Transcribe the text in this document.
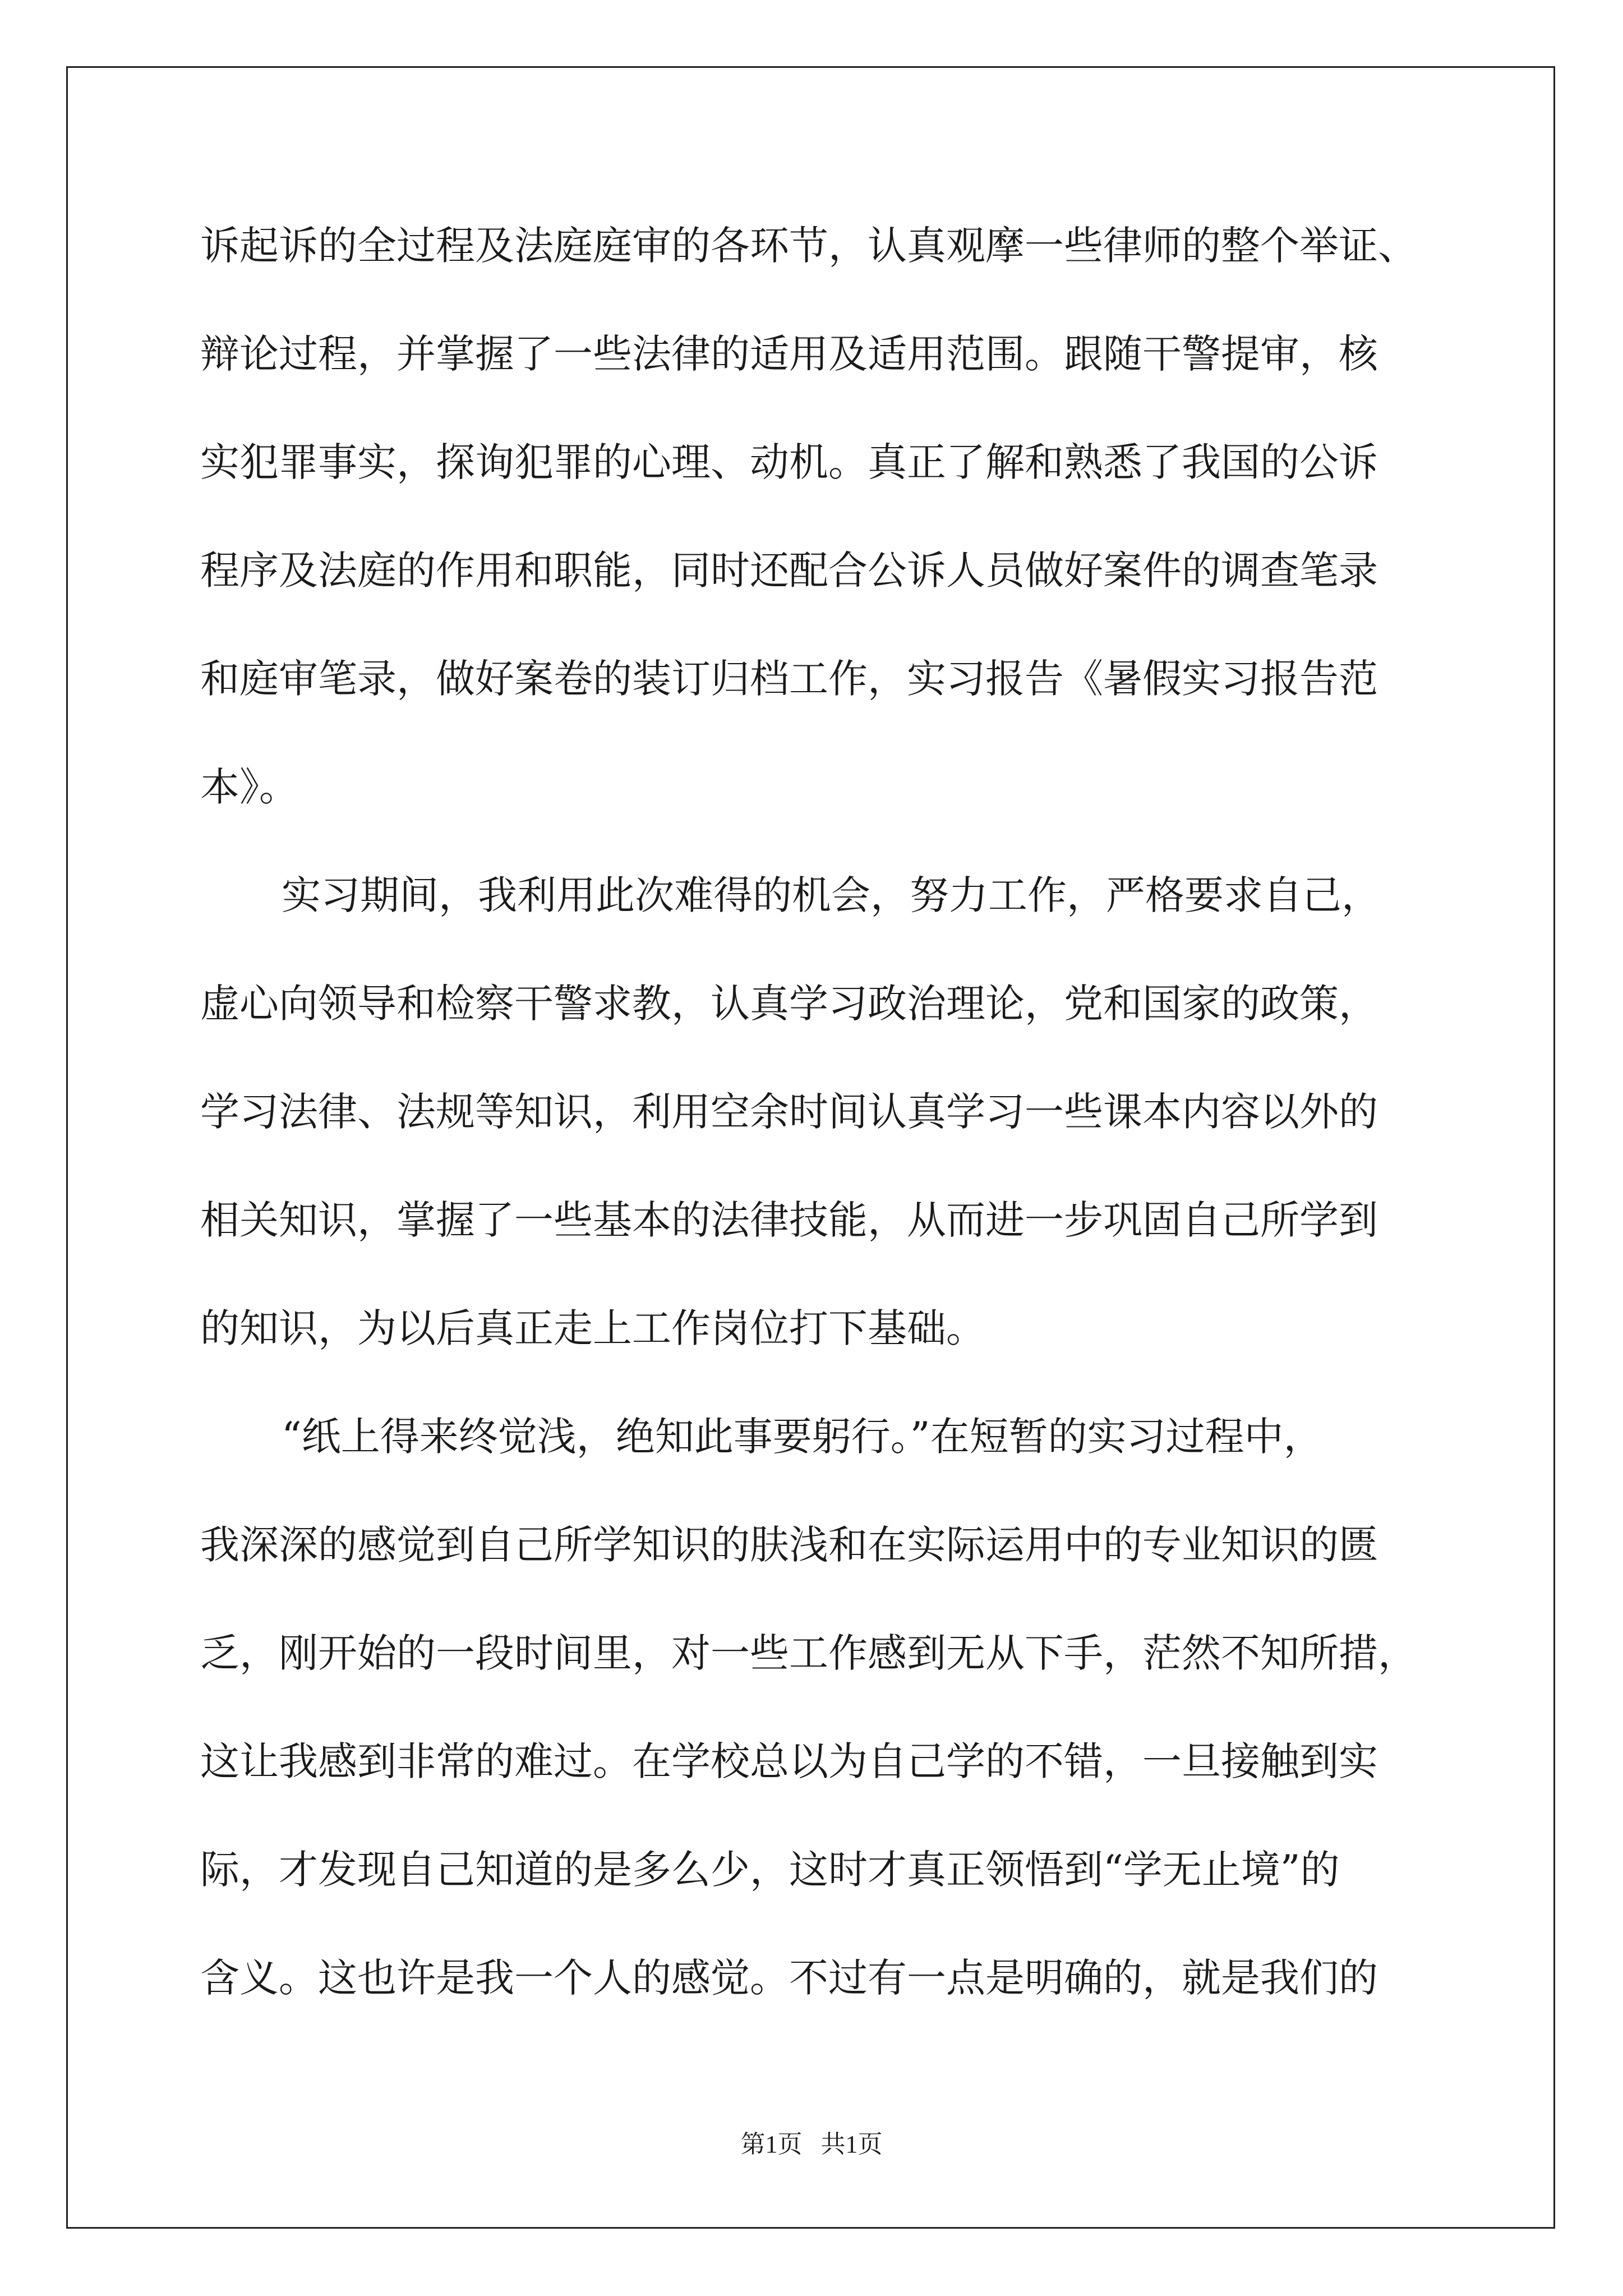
诉起诉的全过程及法庭庭审的各环节，认真观摩一些律师的整个举证、
辩论过程，并掌握了一些法律的适用及适用范围。跟随干警提审，核
实犯罪事实，探询犯罪的心理、动机。真正了解和熟悉了我国的公诉
程序及法庭的作用和职能，同时还配合公诉人员做好案件的调查笔录
和庭审笔录，做好案卷的装订归档工作，实习报告《暑假实习报告范
本》。
实习期间，我利用此次难得的机会，努力工作，严格要求自己，
虚心向领导和检察干警求教，认真学习政治理论，党和国家的政策，
学习法律、法规等知识，利用空余时间认真学习一些课本内容以外的
相关知识，掌握了一些基本的法律技能，从而进一步巩固自己所学到
的知识，为以后真正走上工作岗位打下基础。
“纸上得来终觉浅，绝知此事要躬行。”在短暂的实习过程中，
我深深的感觉到自己所学知识的肤浅和在实际运用中的专业知识的匮
乏，刚开始的一段时间里，对一些工作感到无从下手，茫然不知所措，
这让我感到非常的难过。在学校总以为自己学的不错，一旦接触到实
际，才发现自己知道的是多么少，这时才真正领悟到“学无止境”的
含义。这也许是我一个人的感觉。不过有一点是明确的，就是我们的
第1页   共1页
